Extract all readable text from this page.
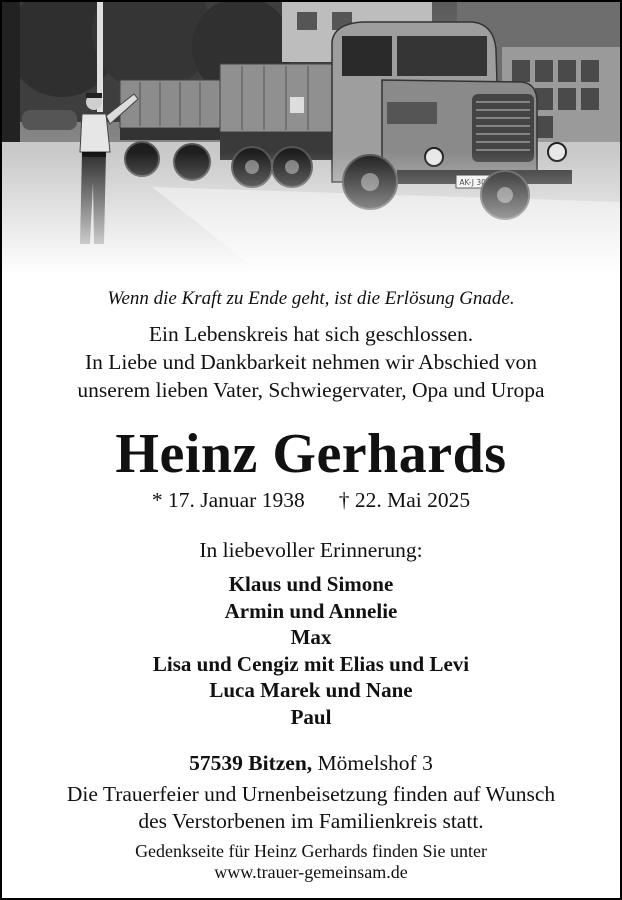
Wenn die Kraft zu Ende geht, ist die Erlösung Gnade.
Ein Lebenskreis hat sich geschlossen.
In Liebe und Dankbarkeit nehmen wir Abschied von
unserem lieben Vater, Schwiegervater, Opa und Uropa
Heinz Gerhards
* 17. Januar 1938 † 22. Mai 2025
In liebevoller Erinnerung:
Klaus und Simone
Armin und Annelie
Max
Lisa und Cengiz mit Elias und Levi
Luca Marek und Nane
Paul
57539 Bitzen, Mömelshof 3
Die Trauerfeier und Urnenbeisetzung finden auf Wunsch
des Verstorbenen im Familienkreis statt.
Gedenkseite für Heinz Gerhards finden Sie unter
www.trauer-gemeinsam.de
